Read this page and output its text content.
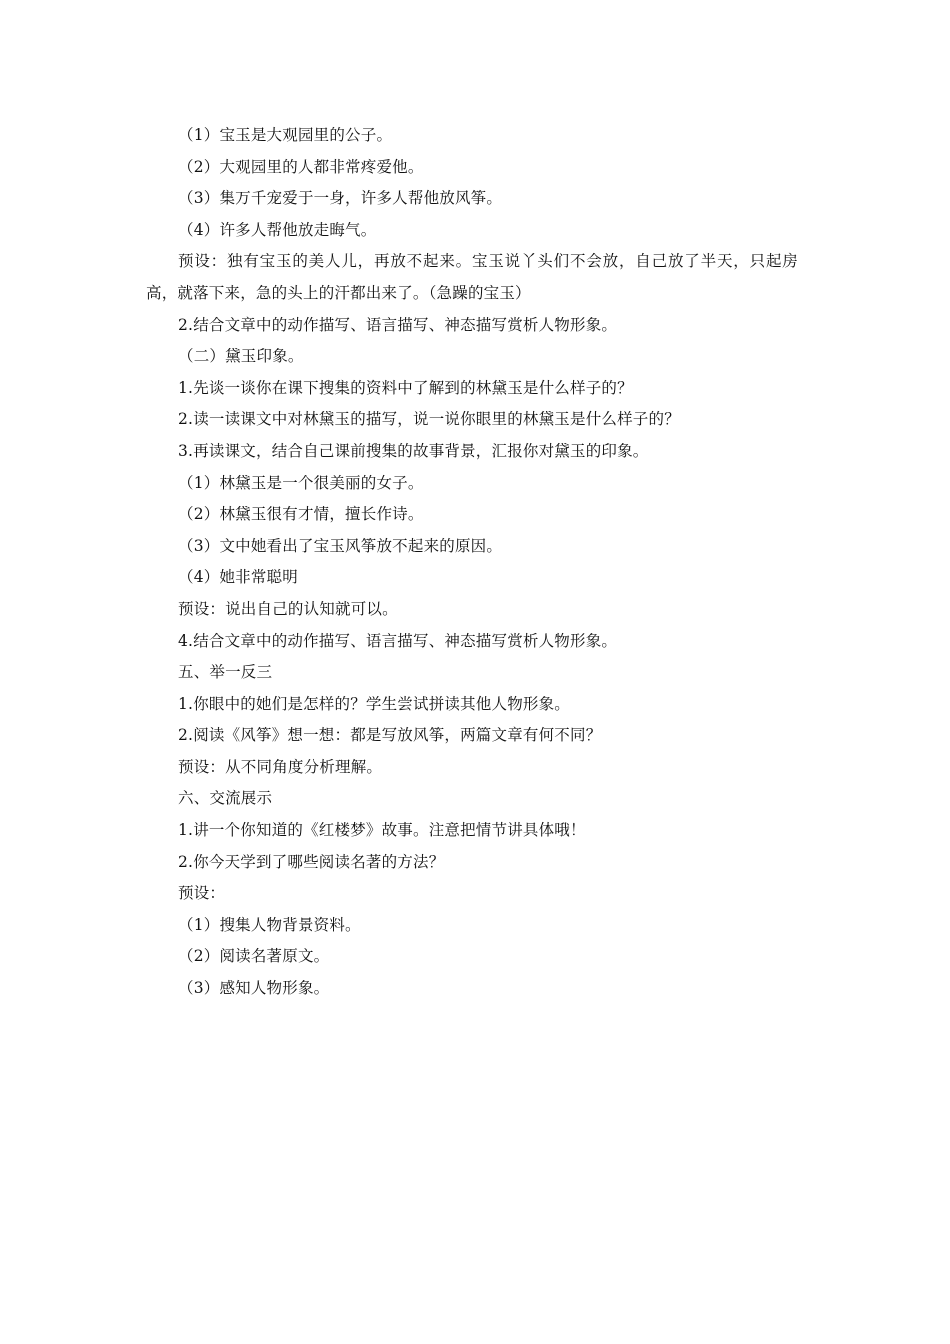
（1）宝玉是大观园里的公子。
（2）大观园里的人都非常疼爱他。
（3）集万千宠爱于一身，许多人帮他放风筝。
（4）许多人帮他放走晦气。
预设：独有宝玉的美人儿，再放不起来。宝玉说丫头们不会放，自己放了半天，只起房高，就落下来，急的头上的汗都出来了。（急躁的宝玉）
2.结合文章中的动作描写、语言描写、神态描写赏析人物形象。
（二）黛玉印象。
1.先谈一谈你在课下搜集的资料中了解到的林黛玉是什么样子的？
2.读一读课文中对林黛玉的描写，说一说你眼里的林黛玉是什么样子的？
3.再读课文，结合自己课前搜集的故事背景，汇报你对黛玉的印象。
（1）林黛玉是一个很美丽的女子。
（2）林黛玉很有才情，擅长作诗。
（3）文中她看出了宝玉风筝放不起来的原因。
（4）她非常聪明
预设：说出自己的认知就可以。
4.结合文章中的动作描写、语言描写、神态描写赏析人物形象。
五、举一反三
1.你眼中的她们是怎样的？学生尝试拼读其他人物形象。
2.阅读《风筝》想一想：都是写放风筝，两篇文章有何不同？
预设：从不同角度分析理解。
六、交流展示
1.讲一个你知道的《红楼梦》故事。注意把情节讲具体哦！
2.你今天学到了哪些阅读名著的方法？
预设：
（1）搜集人物背景资料。
（2）阅读名著原文。
（3）感知人物形象。
